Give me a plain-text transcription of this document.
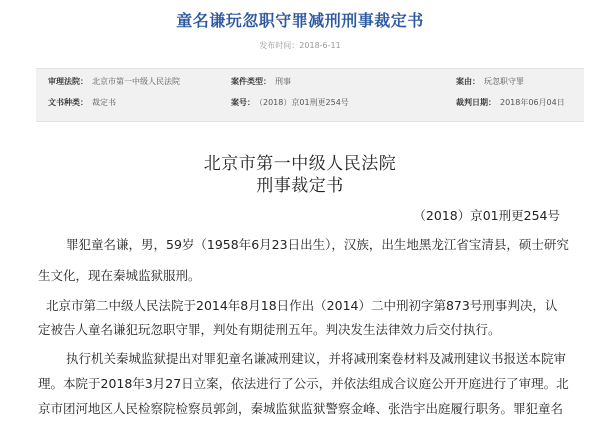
童名谦玩忽职守罪减刑刑事裁定书
发布时间：2018-6-11
审理法院： 北京市第一中级人民法院	案件类型： 刑事	案由： 玩忽职守罪
文书种类： 裁定书	案号： （2018）京01刑更254号	裁判日期： 2018年06月04日
北京市第一中级人民法院
刑事裁定书
（2018）京01刑更254号
罪犯童名谦，男，59岁（1958年6月23日出生），汉族，出生地黑龙江省宝清县，硕士研究
生文化，现在秦城监狱服刑。
北京市第二中级人民法院于2014年8月18日作出（2014）二中刑初字第873号刑事判决，认
定被告人童名谦犯玩忽职守罪，判处有期徒刑五年。判决发生法律效力后交付执行。
执行机关秦城监狱提出对罪犯童名谦减刑建议，并将减刑案卷材料及减刑建议书报送本院审
理。本院于2018年3月27日立案，依法进行了公示，并依法组成合议庭公开开庭进行了审理。北
京市团河地区人民检察院检察员郭剑，秦城监狱监狱警察金峰、张浩宇出庭履行职务。罪犯童名
